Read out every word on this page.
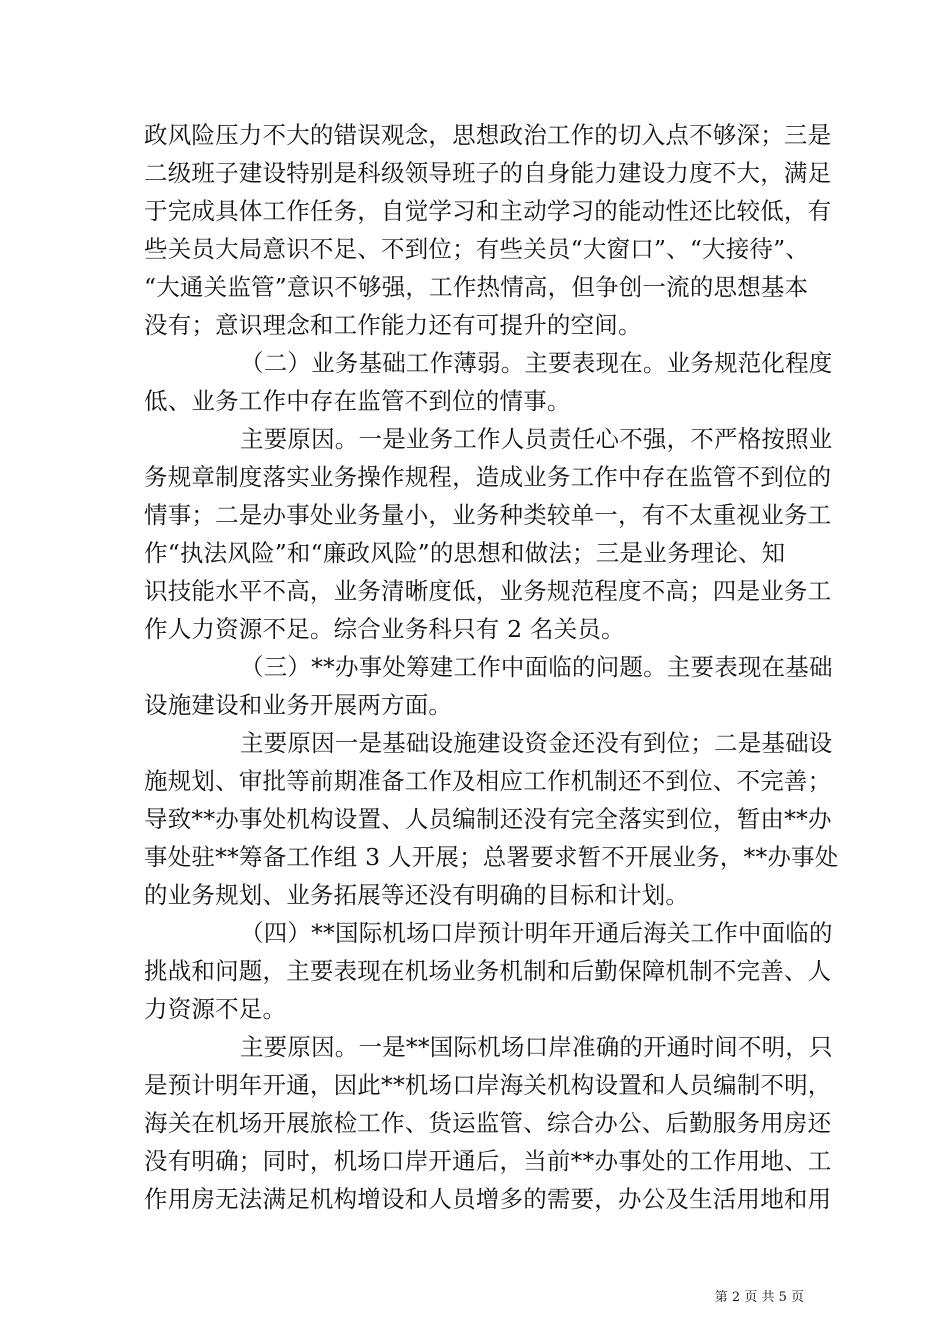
政风险压力不大的错误观念，思想政治工作的切入点不够深；三是
二级班子建设特别是科级领导班子的自身能力建设力度不大，满足
于完成具体工作任务，自觉学习和主动学习的能动性还比较低，有
些关员大局意识不足、不到位；有些关员“大窗口”、“大接待”、
“大通关监管”意识不够强，工作热情高，但争创一流的思想基本
没有；意识理念和工作能力还有可提升的空间。
（二）业务基础工作薄弱。主要表现在。业务规范化程度
低、业务工作中存在监管不到位的情事。
主要原因。一是业务工作人员责任心不强，不严格按照业
务规章制度落实业务操作规程，造成业务工作中存在监管不到位的
情事；二是办事处业务量小，业务种类较单一，有不太重视业务工
作“执法风险”和“廉政风险”的思想和做法；三是业务理论、知
识技能水平不高，业务清晰度低，业务规范程度不高；四是业务工
作人力资源不足。综合业务科只有 2 名关员。
（三）**办事处筹建工作中面临的问题。主要表现在基础
设施建设和业务开展两方面。
主要原因一是基础设施建设资金还没有到位；二是基础设
施规划、审批等前期准备工作及相应工作机制还不到位、不完善；
导致**办事处机构设置、人员编制还没有完全落实到位，暂由**办
事处驻**筹备工作组 3 人开展；总署要求暂不开展业务，**办事处
的业务规划、业务拓展等还没有明确的目标和计划。
（四）**国际机场口岸预计明年开通后海关工作中面临的
挑战和问题，主要表现在机场业务机制和后勤保障机制不完善、人
力资源不足。
主要原因。一是**国际机场口岸准确的开通时间不明，只
是预计明年开通，因此**机场口岸海关机构设置和人员编制不明，
海关在机场开展旅检工作、货运监管、综合办公、后勤服务用房还
没有明确；同时，机场口岸开通后，当前**办事处的工作用地、工
作用房无法满足机构增设和人员增多的需要，办公及生活用地和用
第 2 页 共 5 页
